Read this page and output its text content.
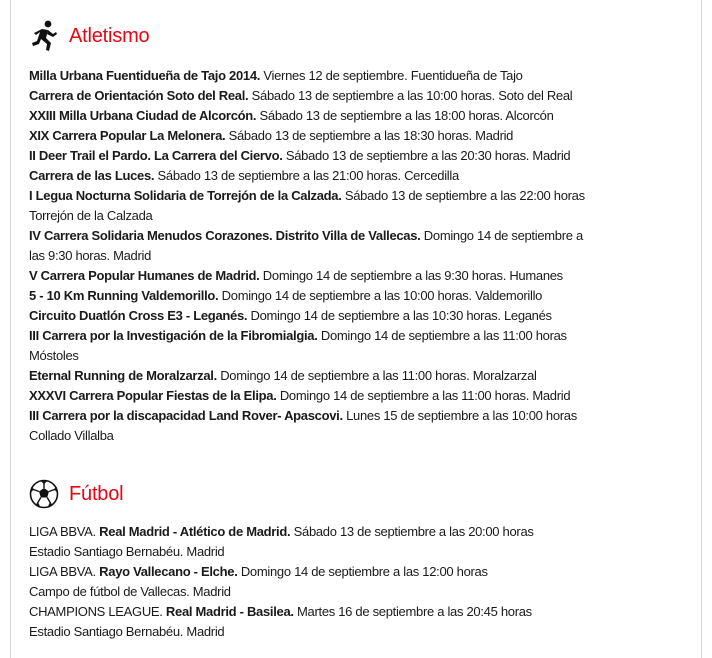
Atletismo
Milla Urbana Fuentidueña de Tajo 2014. Viernes 12 de septiembre. Fuentidueña de Tajo
Carrera de Orientación Soto del Real. Sábado 13 de septiembre a las 10:00 horas. Soto del Real
XXIII Milla Urbana Ciudad de Alcorcón. Sábado 13 de septiembre a las 18:00 horas. Alcorcón
XIX Carrera Popular La Melonera. Sábado 13 de septiembre a las 18:30 horas. Madrid
II Deer Trail el Pardo. La Carrera del Ciervo. Sábado 13 de septiembre a las 20:30 horas. Madrid
Carrera de las Luces. Sábado 13 de septiembre a las 21:00 horas. Cercedilla
I Legua Nocturna Solidaria de Torrejón de la Calzada. Sábado 13 de septiembre a las 22:00 horas
Torrejón de la Calzada
IV Carrera Solidaria Menudos Corazones. Distrito Villa de Vallecas. Domingo 14 de septiembre a
las 9:30 horas. Madrid
V Carrera Popular Humanes de Madrid. Domingo 14 de septiembre a las 9:30 horas. Humanes
5 - 10 Km Running Valdemorillo. Domingo 14 de septiembre a las 10:00 horas. Valdemorillo
Circuito Duatlón Cross E3 - Leganés. Domingo 14 de septiembre a las 10:30 horas. Leganés
III Carrera por la Investigación de la Fibromialgia. Domingo 14 de septiembre a las 11:00 horas
Móstoles
Eternal Running de Moralzarzal. Domingo 14 de septiembre a las 11:00 horas. Moralzarzal
XXXVI Carrera Popular Fiestas de la Elipa. Domingo 14 de septiembre a las 11:00 horas. Madrid
III Carrera por la discapacidad Land Rover- Apascovi. Lunes 15 de septiembre a las 10:00 horas
Collado Villalba
Fútbol
LIGA BBVA. Real Madrid - Atlético de Madrid. Sábado 13 de septiembre a las 20:00 horas
Estadio Santiago Bernabéu. Madrid
LIGA BBVA. Rayo Vallecano - Elche. Domingo 14 de septiembre a las 12:00 horas
Campo de fútbol de Vallecas. Madrid
CHAMPIONS LEAGUE. Real Madrid - Basilea. Martes 16 de septiembre a las 20:45 horas
Estadio Santiago Bernabéu. Madrid
